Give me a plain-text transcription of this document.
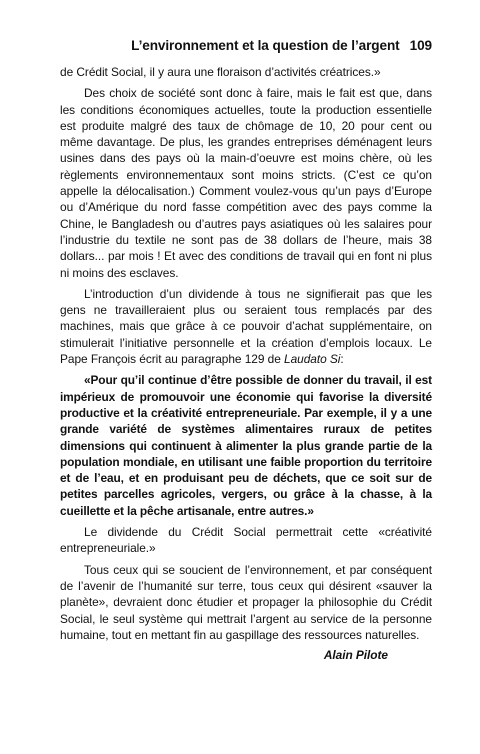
L’environnement et la question de l’argent 109

de Crédit Social, il y aura une floraison d’activités créatrices.»

Des choix de société sont donc à faire, mais le fait est que, dans les conditions économiques actuelles, toute la production essentielle est produite malgré des taux de chômage de 10, 20 pour cent ou même davantage. De plus, les grandes entreprises déménagent leurs usines dans des pays où la main-d’oeuvre est moins chère, où les règlements environnementaux sont moins stricts. (C’est ce qu’on appelle la délocalisation.) Comment voulez-vous qu’un pays d’Europe ou d’Amérique du nord fasse compétition avec des pays comme la Chine, le Bangladesh ou d’autres pays asiatiques où les salaires pour l’industrie du textile ne sont pas de 38 dollars de l’heure, mais 38 dollars... par mois ! Et avec des conditions de travail qui en font ni plus ni moins des esclaves.

L’introduction d’un dividende à tous ne signifierait pas que les gens ne travailleraient plus ou seraient tous remplacés par des machines, mais que grâce à ce pouvoir d’achat supplémentaire, on stimulerait l’initiative personnelle et la création d’emplois locaux. Le Pape François écrit au paragraphe 129 de Laudato Si:

«Pour qu’il continue d’être possible de donner du travail, il est impérieux de promouvoir une économie qui favorise la diversité productive et la créativité entrepreneuriale. Par exemple, il y a une grande variété de systèmes alimentaires ruraux de petites dimensions qui continuent à alimenter la plus grande partie de la population mondiale, en utilisant une faible proportion du territoire et de l’eau, et en produisant peu de déchets, que ce soit sur de petites parcelles agricoles, vergers, ou grâce à la chasse, à la cueillette et la pêche artisanale, entre autres.»

Le dividende du Crédit Social permettrait cette «créativité entrepreneuriale.»

Tous ceux qui se soucient de l’environnement, et par conséquent de l’avenir de l’humanité sur terre, tous ceux qui désirent «sauver la planète», devraient donc étudier et propager la philosophie du Crédit Social, le seul système qui mettrait l’argent au service de la personne humaine, tout en mettant fin au gaspillage des ressources naturelles.

Alain Pilote
